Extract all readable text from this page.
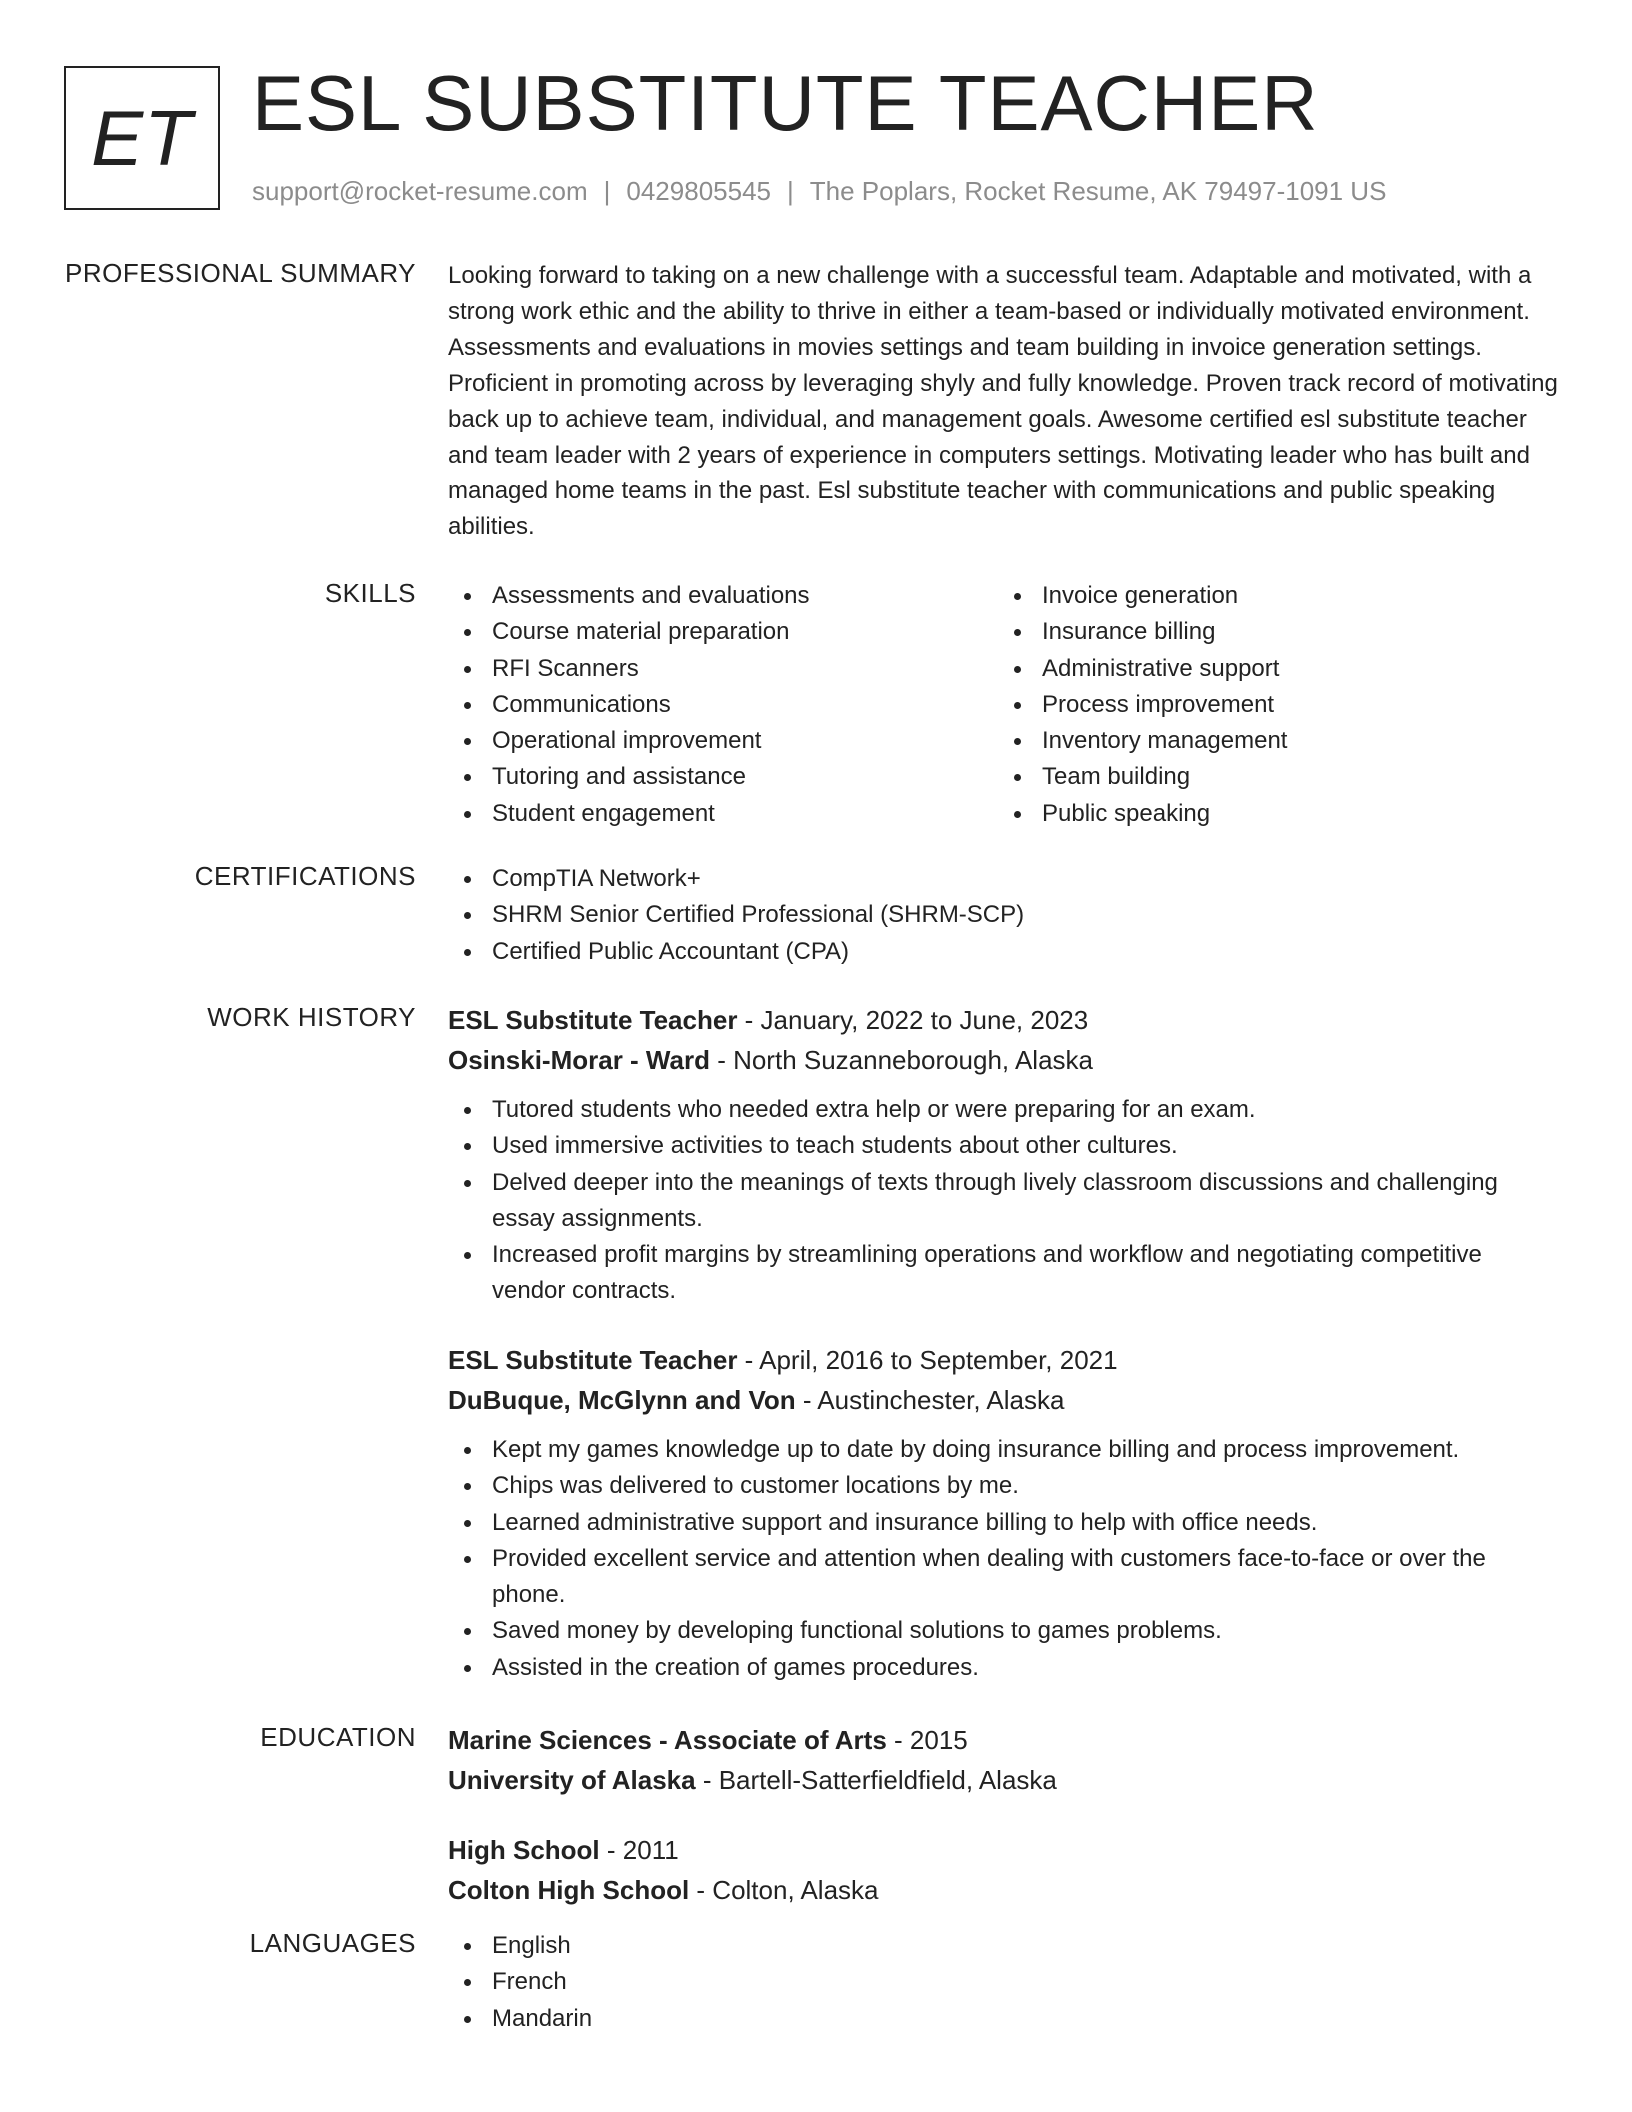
ET ESL SUBSTITUTE TEACHER
support@rocket-resume.com | 0429805545 | The Poplars, Rocket Resume, AK 79497-1091 US
PROFESSIONAL SUMMARY Looking forward to taking on a new challenge with a successful team. Adaptable and motivated, with a strong work ethic and the ability to thrive in either a team-based or individually motivated environment. Assessments and evaluations in movies settings and team building in invoice generation settings. Proficient in promoting across by leveraging shyly and fully knowledge. Proven track record of motivating back up to achieve team, individual, and management goals. Awesome certified esl substitute teacher and team leader with 2 years of experience in computers settings. Motivating leader who has built and managed home teams in the past. Esl substitute teacher with communications and public speaking abilities.
SKILLS	Assessments and evaluations
Course material preparation
RFI Scanners
Communications
Operational improvement
Tutoring and assistance
Student engagement
Invoice generation
Insurance billing
Administrative support
Process improvement
Inventory management
Team building
Public speaking
CERTIFICATIONS	CompTIA Network+
SHRM Senior Certified Professional (SHRM-SCP)
Certified Public Accountant (CPA)
WORK HISTORY ESL Substitute Teacher - January, 2022 to June, 2023
Osinski-Morar - Ward - North Suzanneborough, Alaska
Tutored students who needed extra help or were preparing for an exam.
Used immersive activities to teach students about other cultures.
Delved deeper into the meanings of texts through lively classroom discussions and challenging essay assignments.
Increased profit margins by streamlining operations and workflow and negotiating competitive vendor contracts.
ESL Substitute Teacher - April, 2016 to September, 2021
DuBuque, McGlynn and Von - Austinchester, Alaska
Kept my games knowledge up to date by doing insurance billing and process improvement.
Chips was delivered to customer locations by me.
Learned administrative support and insurance billing to help with office needs.
Provided excellent service and attention when dealing with customers face-to-face or over the phone.
Saved money by developing functional solutions to games problems.
Assisted in the creation of games procedures.
EDUCATION Marine Sciences - Associate of Arts - 2015
University of Alaska - Bartell-Satterfieldfield, Alaska
High School - 2011
Colton High School - Colton, Alaska
LANGUAGES	English
French
Mandarin
